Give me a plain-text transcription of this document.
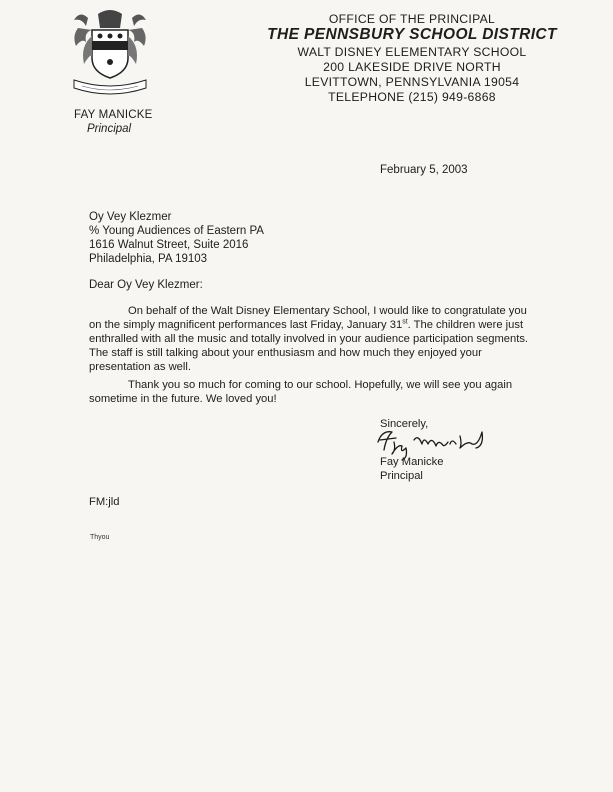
FAY MANICKE
Principal
OFFICE OF THE PRINCIPAL
THE PENNSBURY SCHOOL DISTRICT
WALT DISNEY ELEMENTARY SCHOOL
200 LAKESIDE DRIVE NORTH
LEVITTOWN, PENNSYLVANIA 19054
TELEPHONE (215) 949-6868
February 5, 2003
Oy Vey Klezmer
% Young Audiences of Eastern PA
1616 Walnut Street, Suite 2016
Philadelphia, PA 19103
Dear Oy Vey Klezmer:
On behalf of the Walt Disney Elementary School, I would like to congratulate you
on the simply magnificent performances last Friday, January 31st. The children were just
enthralled with all the music and totally involved in your audience participation segments.
The staff is still talking about your enthusiasm and how much they enjoyed your
presentation as well.
Thank you so much for coming to our school. Hopefully, we will see you again
sometime in the future. We loved you!
Sincerely,
Fay Manicke
Principal
FM:jld
Thyou
